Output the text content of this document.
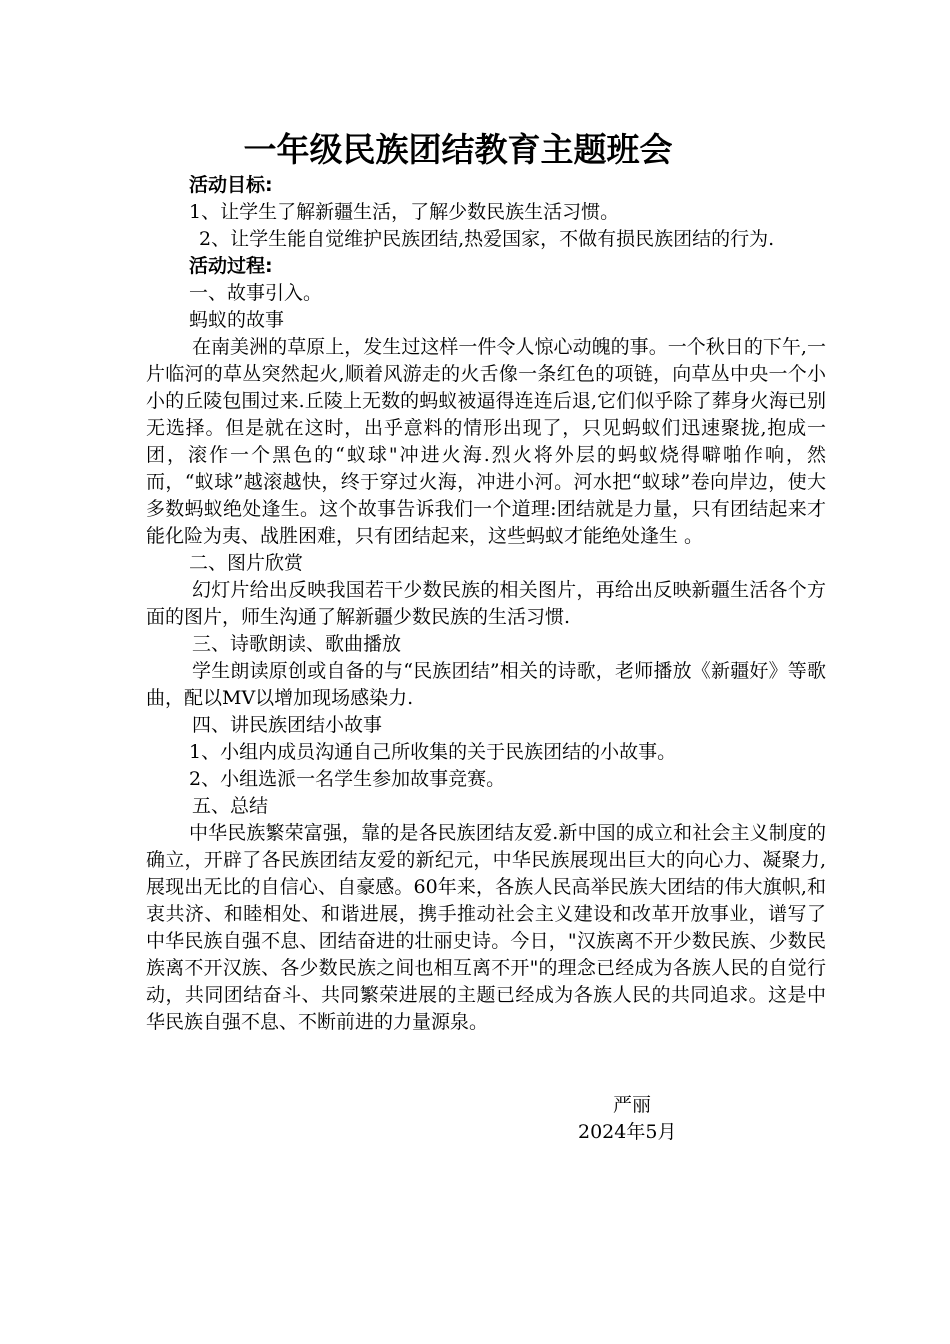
一年级民族团结教育主题班会

活动目标:

1、让学生了解新疆生活，了解少数民族生活习惯。

2、让学生能自觉维护民族团结,热爱国家，不做有损民族团结的行为.

活动过程:

一、故事引入。

蚂蚁的故事

在南美洲的草原上，发生过这样一件令人惊心动魄的事。一个秋日的下午,一片临河的草丛突然起火,顺着风游走的火舌像一条红色的项链，向草丛中央一个小小的丘陵包围过来.丘陵上无数的蚂蚁被逼得连连后退,它们似乎除了葬身火海已别无选择。但是就在这时，出乎意料的情形出现了，只见蚂蚁们迅速聚拢,抱成一团，滚作一个黑色的“蚁球"冲进火海.烈火将外层的蚂蚁烧得噼啪作响，然而，“蚁球”越滚越快，终于穿过火海，冲进小河。河水把“蚁球”卷向岸边，使大多数蚂蚁绝处逢生。这个故事告诉我们一个道理:团结就是力量，只有团结起来才能化险为夷、战胜困难，只有团结起来，这些蚂蚁才能绝处逢生 。

二、图片欣赏

幻灯片给出反映我国若干少数民族的相关图片，再给出反映新疆生活各个方面的图片，师生沟通了解新疆少数民族的生活习惯.

三、诗歌朗读、歌曲播放

学生朗读原创或自备的与“民族团结”相关的诗歌，老师播放《新疆好》等歌曲，配以MV以增加现场感染力.

四、讲民族团结小故事

1、小组内成员沟通自己所收集的关于民族团结的小故事。

2、小组选派一名学生参加故事竞赛。

五、总结

中华民族繁荣富强，靠的是各民族团结友爱.新中国的成立和社会主义制度的确立，开辟了各民族团结友爱的新纪元，中华民族展现出巨大的向心力、凝聚力,展现出无比的自信心、自豪感。60年来，各族人民高举民族大团结的伟大旗帜,和衷共济、和睦相处、和谐进展，携手推动社会主义建设和改革开放事业，谱写了中华民族自强不息、团结奋进的壮丽史诗。今日，"汉族离不开少数民族、少数民族离不开汉族、各少数民族之间也相互离不开"的理念已经成为各族人民的自觉行动，共同团结奋斗、共同繁荣进展的主题已经成为各族人民的共同追求。这是中华民族自强不息、不断前进的力量源泉。

严丽
2024年5月
